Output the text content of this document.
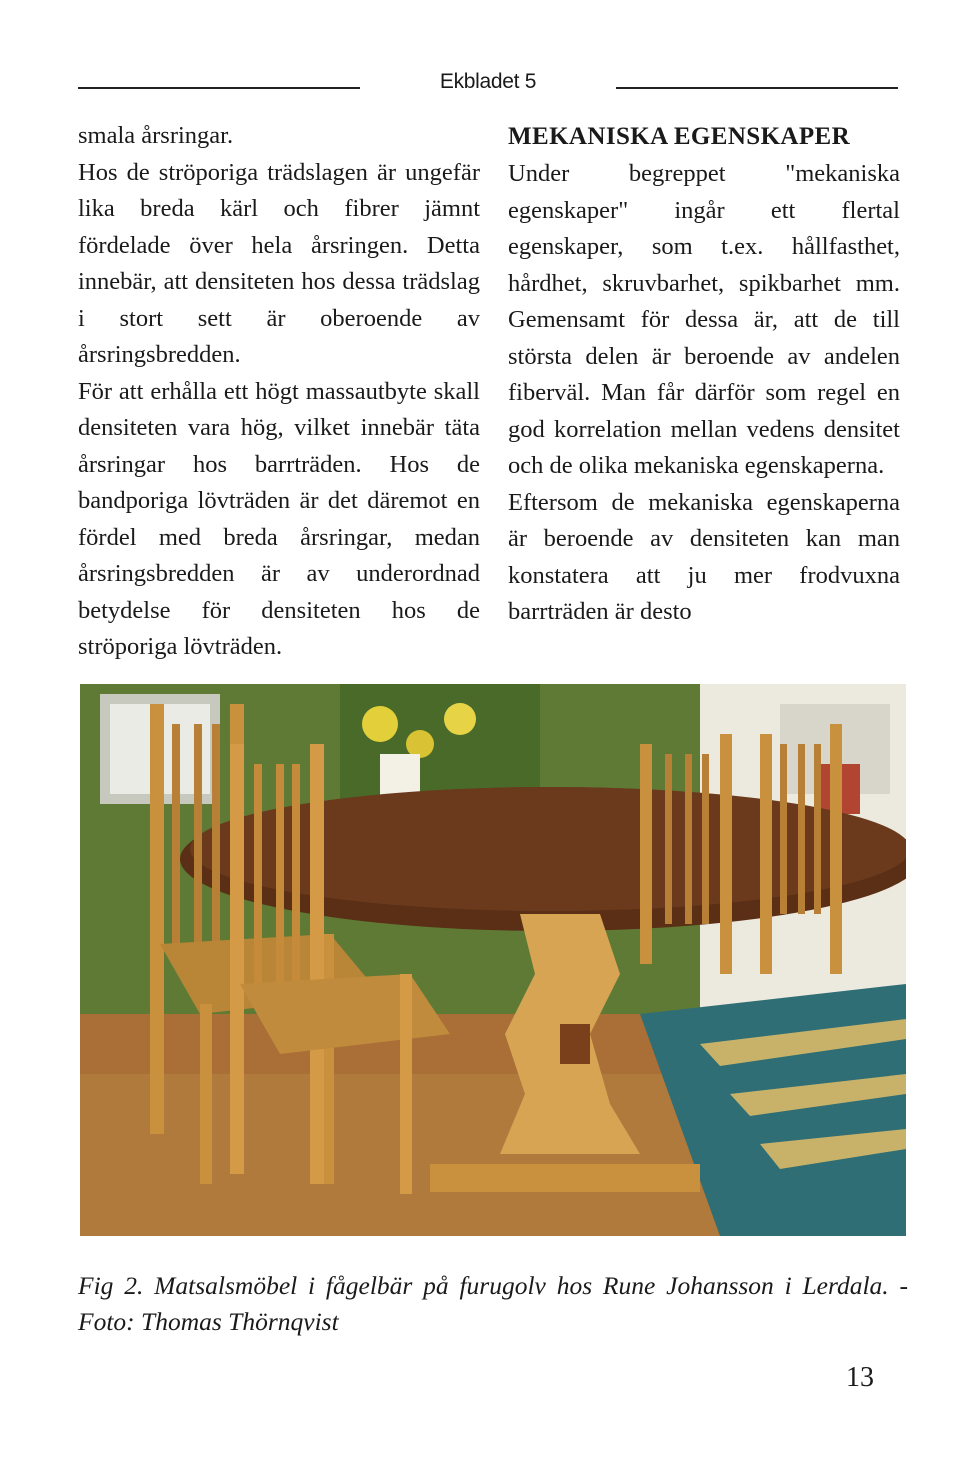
Ekbladet 5

smala årsringar.

Hos de ströporiga trädslagen är ungefär lika breda kärl och fibrer jämnt fördelade över hela årsringen. Detta innebär, att densiteten hos dessa trädslag i stort sett är oberoende av årsringsbredden.

För att erhålla ett högt massautbyte skall densiteten vara hög, vilket innebär täta årsringar hos barrträden. Hos de bandporiga lövträden är det däremot en fördel med breda årsringar, medan årsringsbredden är av underordnad betydelse för densiteten hos de ströporiga lövträden.

MEKANISKA EGENSKAPER

Under begreppet "mekaniska egenskaper" ingår ett flertal egenskaper, som t.ex. hållfasthet, hårdhet, skruvbarhet, spikbarhet mm. Gemensamt för dessa är, att de till största delen är beroende av andelen fiberväl. Man får därför som regel en god korrelation mellan vedens densitet och de olika mekaniska egenskaperna.

Eftersom de mekaniska egenskaperna är beroende av densiteten kan man konstatera att ju mer frodvuxna barrträden är desto

Fig 2. Matsalsmöbel i fågelbär på furugolv hos Rune Johansson i Lerdala. - Foto: Thomas Thörnqvist
13
